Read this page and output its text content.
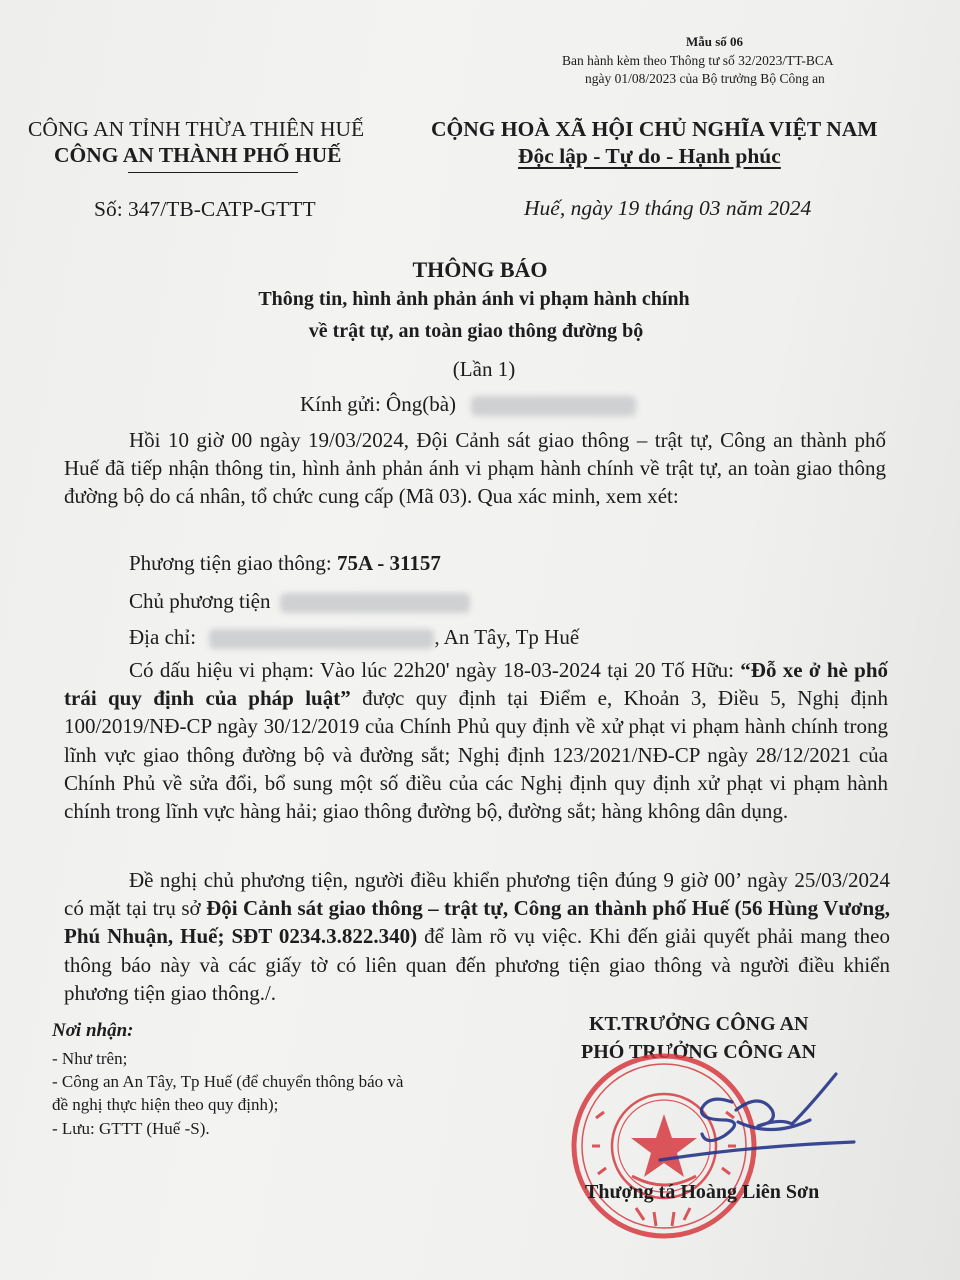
Mẫu số 06
Ban hành kèm theo Thông tư số 32/2023/TT-BCA
ngày 01/08/2023 của Bộ trưởng Bộ Công an
CÔNG AN TỈNH THỪA THIÊN HUẾ
CÔNG AN THÀNH PHỐ HUẾ
Số: 347/TB-CATP-GTTT
CỘNG HOÀ XÃ HỘI CHỦ NGHĨA VIỆT NAM
Độc lập - Tự do - Hạnh phúc
Huế, ngày 19 tháng 03 năm 2024
THÔNG BÁO
Thông tin, hình ảnh phản ánh vi phạm hành chính
về trật tự, an toàn giao thông đường bộ
(Lần 1)
Kính gửi: Ông(bà)
Hồi 10 giờ 00 ngày 19/03/2024, Đội Cảnh sát giao thông – trật tự, Công an thành phố Huế đã tiếp nhận thông tin, hình ảnh phản ánh vi phạm hành chính về trật tự, an toàn giao thông đường bộ do cá nhân, tổ chức cung cấp (Mã 03). Qua xác minh, xem xét:
Phương tiện giao thông: 75A - 31157
Chủ phương tiện
Địa chỉ:	, An Tây, Tp Huế
Có dấu hiệu vi phạm: Vào lúc 22h20' ngày 18-03-2024 tại 20 Tố Hữu: “Đỗ xe ở hè phố trái quy định của pháp luật” được quy định tại Điểm e, Khoản 3, Điều 5, Nghị định 100/2019/NĐ-CP ngày 30/12/2019 của Chính Phủ quy định về xử phạt vi phạm hành chính trong lĩnh vực giao thông đường bộ và đường sắt; Nghị định 123/2021/NĐ-CP ngày 28/12/2021 của Chính Phủ về sửa đổi, bổ sung một số điều của các Nghị định quy định xử phạt vi phạm hành chính trong lĩnh vực hàng hải; giao thông đường bộ, đường sắt; hàng không dân dụng.
Đề nghị chủ phương tiện, người điều khiển phương tiện đúng 9 giờ 00’ ngày 25/03/2024 có mặt tại trụ sở Đội Cảnh sát giao thông – trật tự, Công an thành phố Huế (56 Hùng Vương, Phú Nhuận, Huế; SĐT 0234.3.822.340) để làm rõ vụ việc. Khi đến giải quyết phải mang theo thông báo này và các giấy tờ có liên quan đến phương tiện giao thông và người điều khiển phương tiện giao thông./.
Nơi nhận:
- Như trên;
- Công an An Tây, Tp Huế (để chuyển thông báo và
đề nghị thực hiện theo quy định);
- Lưu: GTTT (Huế -S).
KT.TRƯỞNG CÔNG AN
PHÓ TRƯỞNG CÔNG AN
Thượng tá Hoàng Liên Sơn
